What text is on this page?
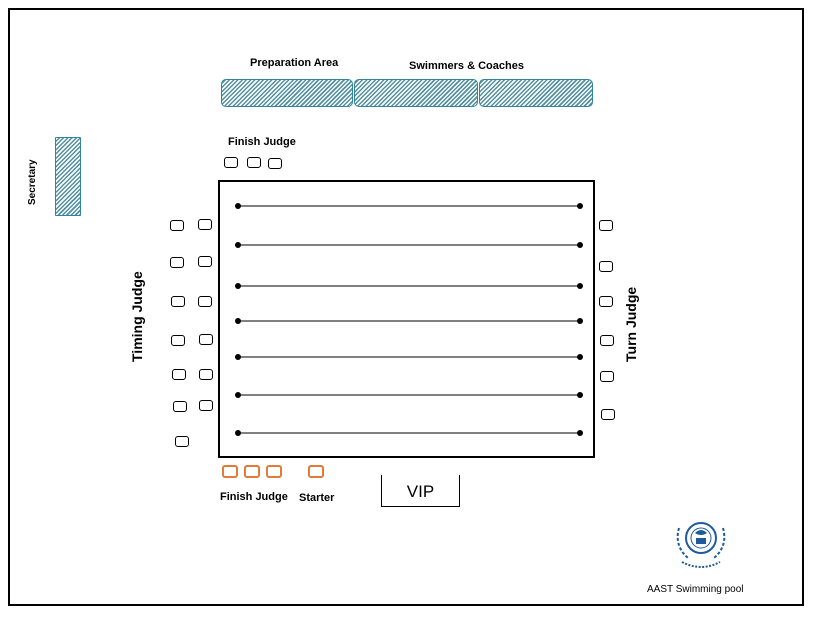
Preparation Area	Swimmers & Coaches
Secretary
Finish Judge
Timing Judge	Turn Judge
Finish Judge Starter	VIP
AAST Swimming pool
